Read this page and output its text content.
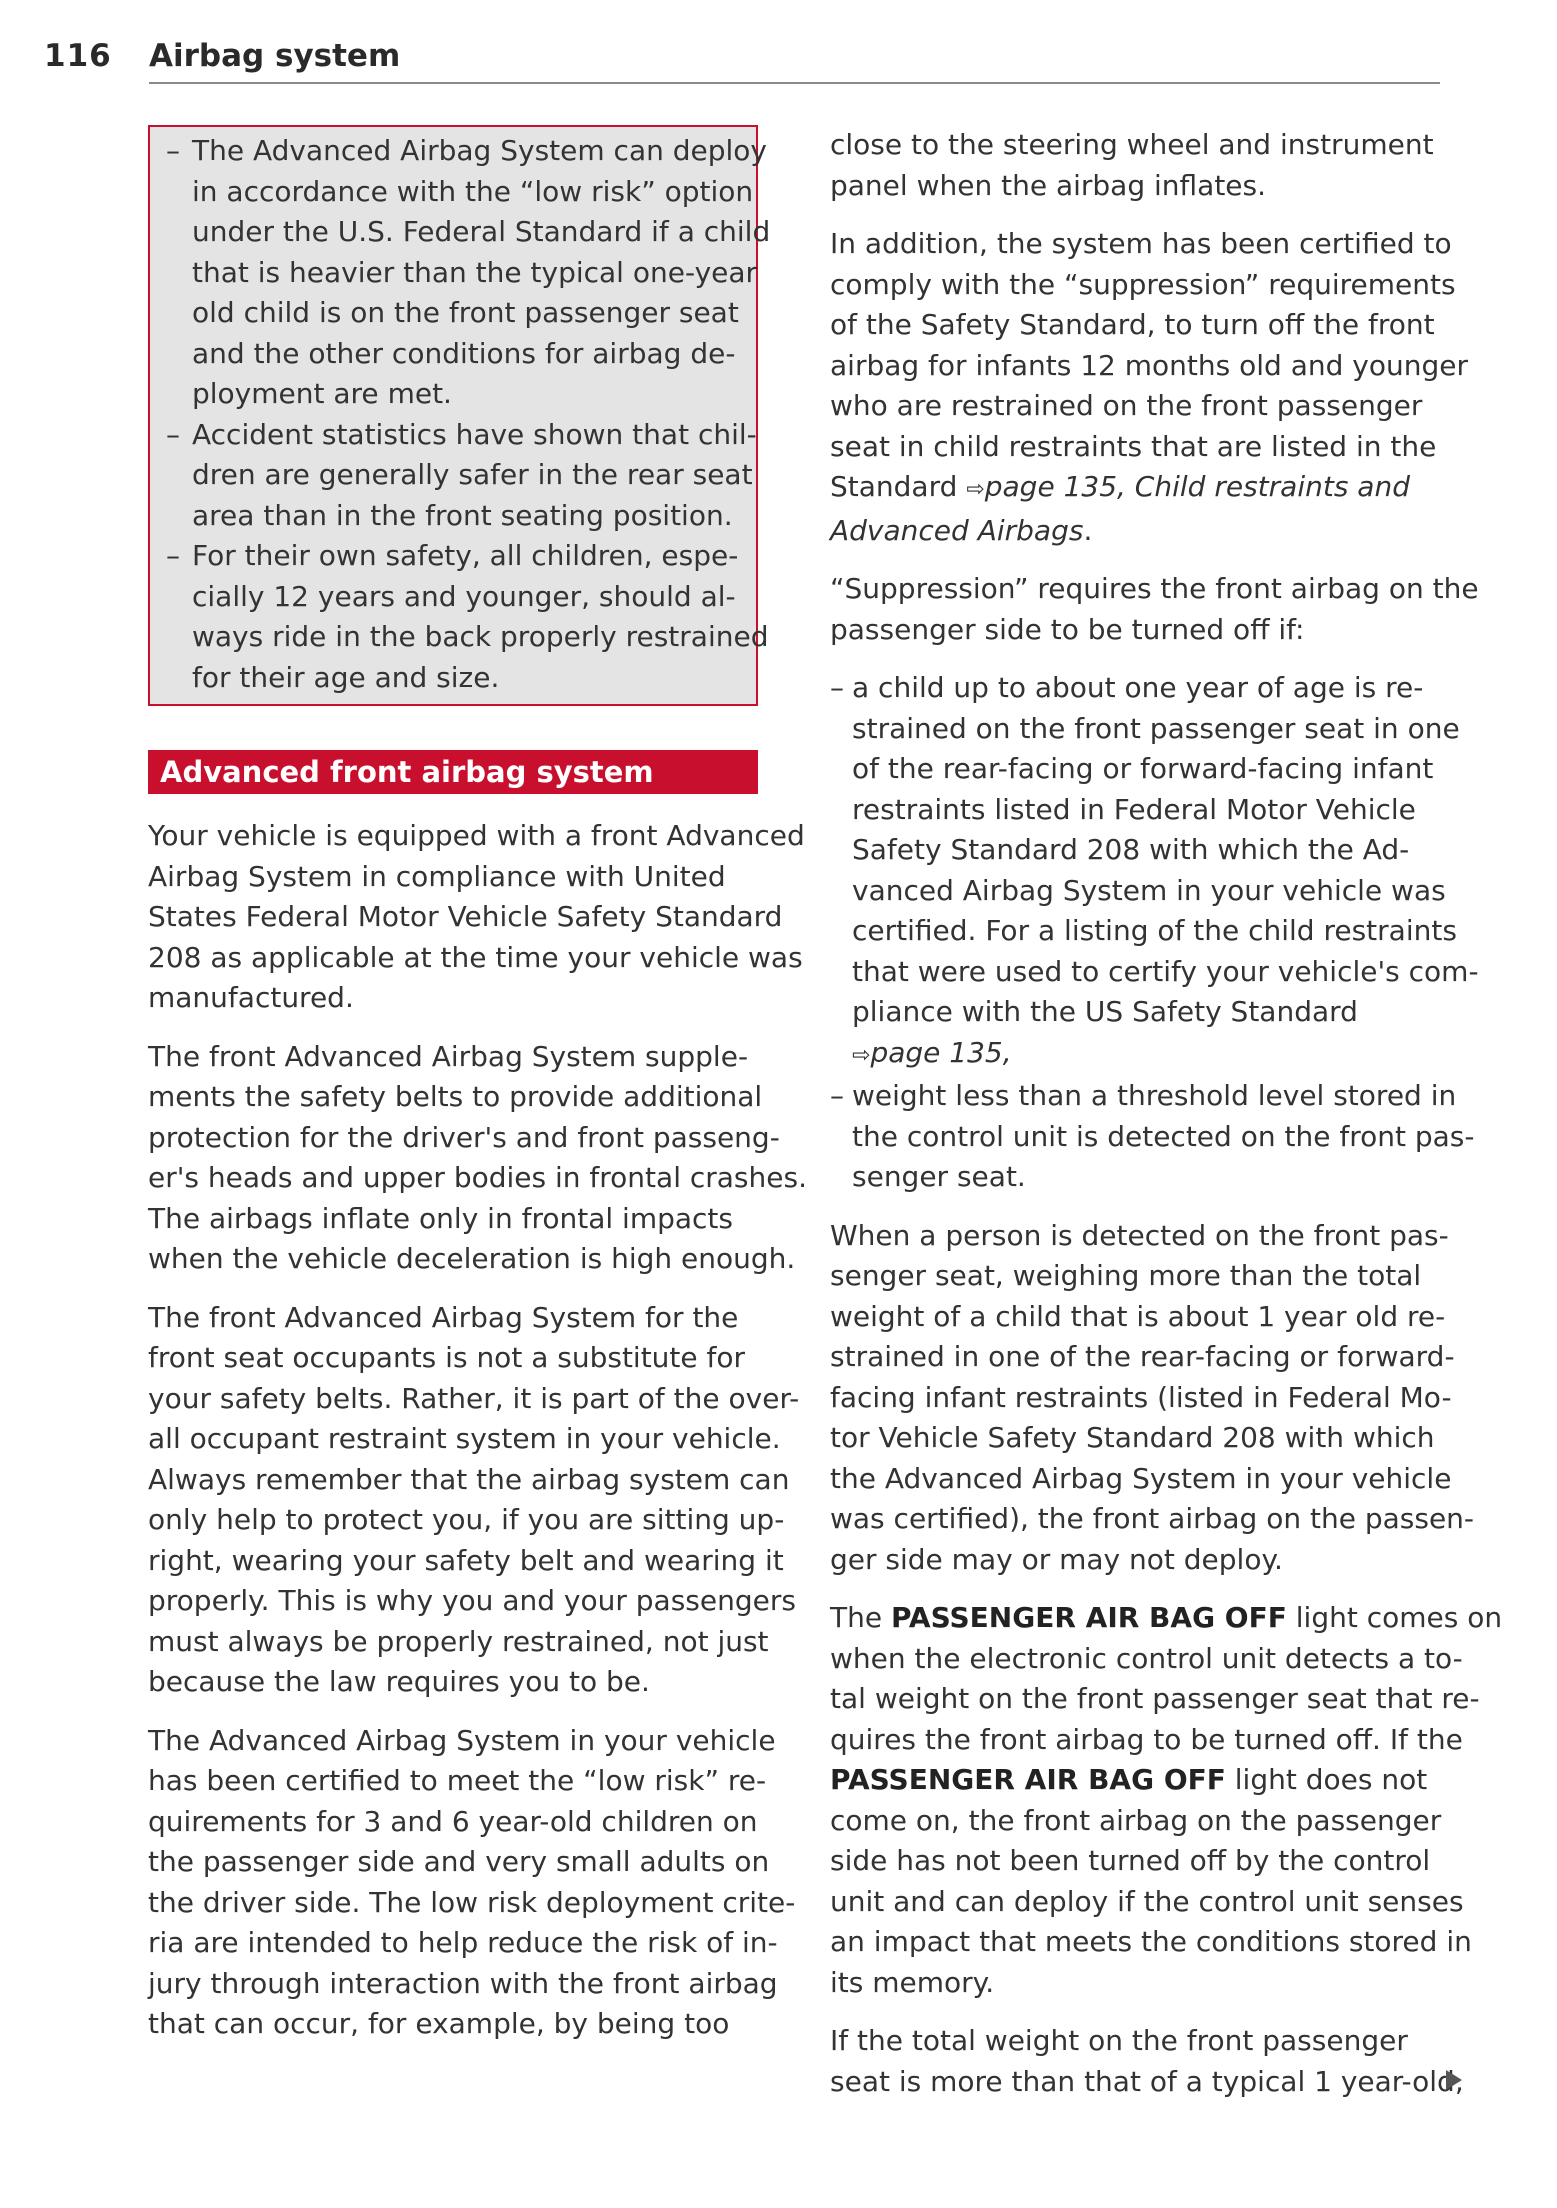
116 Airbag system
– The Advanced Airbag System can deploy
in accordance with the “low risk” option
under the U.S. Federal Standard if a child
that is heavier than the typical one-year
old child is on the front passenger seat
and the other conditions for airbag de-
ployment are met.
– Accident statistics have shown that chil-
dren are generally safer in the rear seat
area than in the front seating position.
– For their own safety, all children, espe-
cially 12 years and younger, should al-
ways ride in the back properly restrained
for their age and size.
Advanced front airbag system

Your vehicle is equipped with a front Advanced
Airbag System in compliance with United
States Federal Motor Vehicle Safety Standard
208 as applicable at the time your vehicle was
manufactured.

The front Advanced Airbag System supple-
ments the safety belts to provide additional
protection for the driver's and front passeng-
er's heads and upper bodies in frontal crashes.
The airbags inflate only in frontal impacts
when the vehicle deceleration is high enough.

The front Advanced Airbag System for the
front seat occupants is not a substitute for
your safety belts. Rather, it is part of the over-
all occupant restraint system in your vehicle.
Always remember that the airbag system can
only help to protect you, if you are sitting up-
right, wearing your safety belt and wearing it
properly. This is why you and your passengers
must always be properly restrained, not just
because the law requires you to be.

The Advanced Airbag System in your vehicle
has been certified to meet the “low risk” re-
quirements for 3 and 6 year-old children on
the passenger side and very small adults on
the driver side. The low risk deployment crite-
ria are intended to help reduce the risk of in-
jury through interaction with the front airbag
that can occur, for example, by being too

close to the steering wheel and instrument
panel when the airbag inflates.

In addition, the system has been certified to
comply with the “suppression” requirements
of the Safety Standard, to turn off the front
airbag for infants 12 months old and younger
who are restrained on the front passenger
seat in child restraints that are listed in the
Standard ⇨page 135, Child restraints and
Advanced Airbags.

“Suppression” requires the front airbag on the
passenger side to be turned off if:

– a child up to about one year of age is re-
strained on the front passenger seat in one
of the rear-facing or forward-facing infant
restraints listed in Federal Motor Vehicle
Safety Standard 208 with which the Ad-
vanced Airbag System in your vehicle was
certified. For a listing of the child restraints
that were used to certify your vehicle's com-
pliance with the US Safety Standard
⇨page 135,
– weight less than a threshold level stored in
the control unit is detected on the front pas-
senger seat.

When a person is detected on the front pas-
senger seat, weighing more than the total
weight of a child that is about 1 year old re-
strained in one of the rear-facing or forward-
facing infant restraints (listed in Federal Mo-
tor Vehicle Safety Standard 208 with which
the Advanced Airbag System in your vehicle
was certified), the front airbag on the passen-
ger side may or may not deploy.

The PASSENGER AIR BAG OFF light comes on
when the electronic control unit detects a to-
tal weight on the front passenger seat that re-
quires the front airbag to be turned off. If the
PASSENGER AIR BAG OFF light does not
come on, the front airbag on the passenger
side has not been turned off by the control
unit and can deploy if the control unit senses
an impact that meets the conditions stored in
its memory.

If the total weight on the front passenger
seat is more than that of a typical 1 year-old,
